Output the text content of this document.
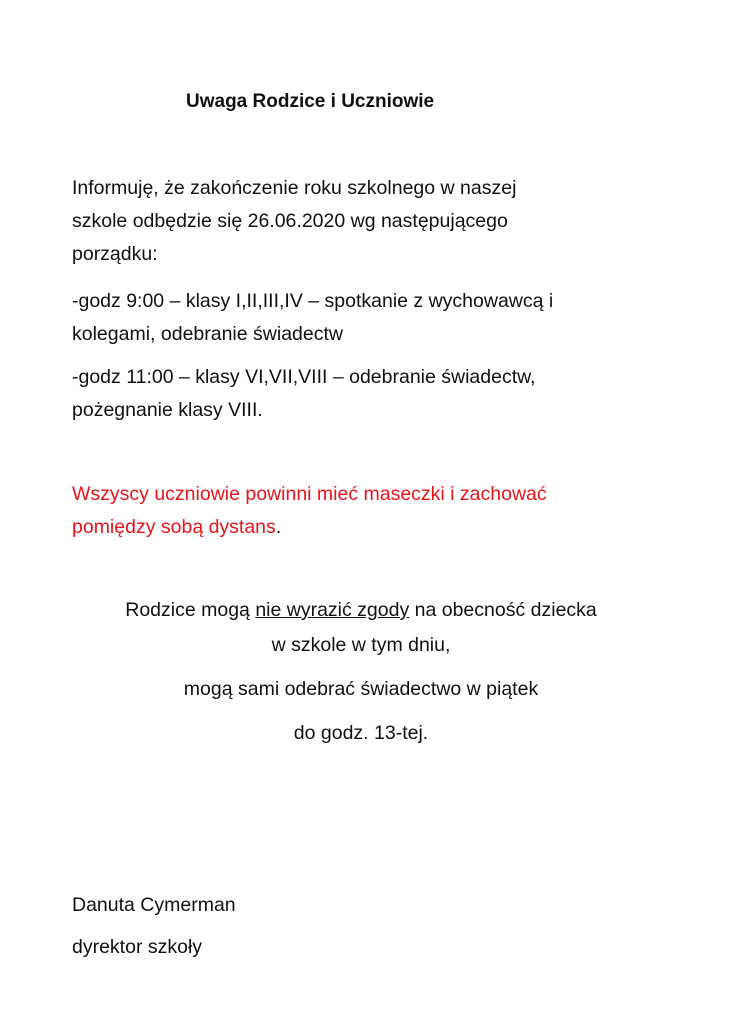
Uwaga Rodzice i Uczniowie

Informuję, że zakończenie roku szkolnego w naszej
szkole odbędzie się 26.06.2020 wg następującego
porządku:

-godz 9:00 – klasy I,II,III,IV – spotkanie z wychowawcą i
kolegami, odebranie świadectw

-godz 11:00 – klasy VI,VII,VIII – odebranie świadectw,
pożegnanie klasy VIII.

Wszyscy uczniowie powinni mieć maseczki i zachować
pomiędzy sobą dystans.

Rodzice mogą nie wyrazić zgody na obecność dziecka
w szkole w tym dniu,
mogą sami odebrać świadectwo w piątek
do godz. 13-tej.
Danuta Cymerman
dyrektor szkoły
